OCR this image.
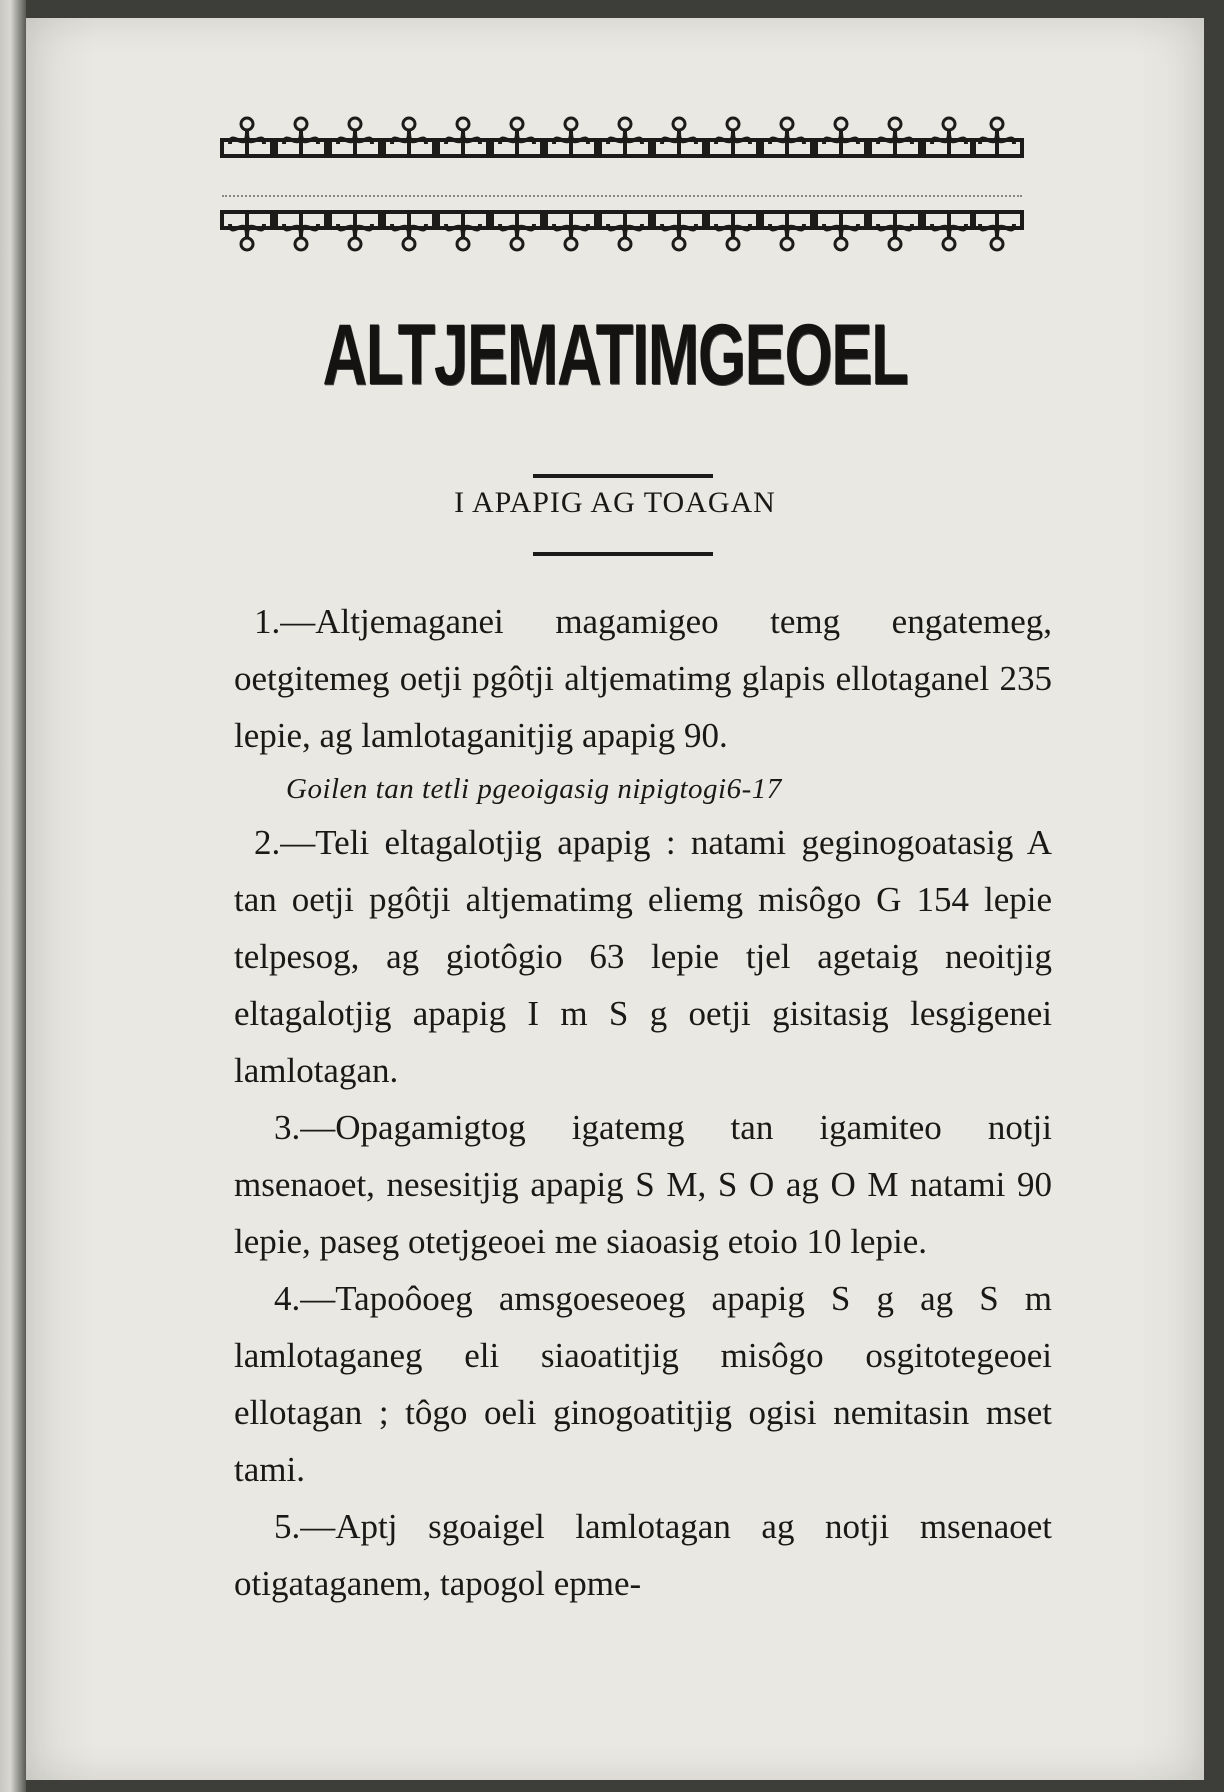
ALTJEMATIMGEOEL
I APAPIG AG TOAGAN

1.—Altjemaganei magamigeo temg engatemeg, oetgitemeg oetji pgôtji altjematimg glapis ellotaganel 235 lepie, ag lamlotaganitjig apapig 90.

Goilen tan tetli pgeoigasig nipigtogi6-17

2.—Teli eltagalotjig apapig : natami geginogoatasig A tan oetji pgôtji altjematimg eliemg misôgo G 154 lepie telpesog, ag giotôgio 63 lepie tjel agetaig neoitjig eltagalotjig apapig I m S g oetji gisitasig lesgigenei lamlotagan.

3.—Opagamigtog igatemg tan igamiteo notji msenaoet, nesesitjig apapig S M, S O ag O M natami 90 lepie, paseg otetjgeoei me siaoasig etoio 10 lepie.

4.—Tapoôoeg amsgoeseoeg apapig S g ag S m lamlotaganeg eli siaoatitjig misôgo osgitotegeoei ellotagan ; tôgo oeli ginogoatitjig ogisi nemitasin mset tami.

5.—Aptj sgoaigel lamlotagan ag notji msenaoet otigataganem, tapogol epme-
